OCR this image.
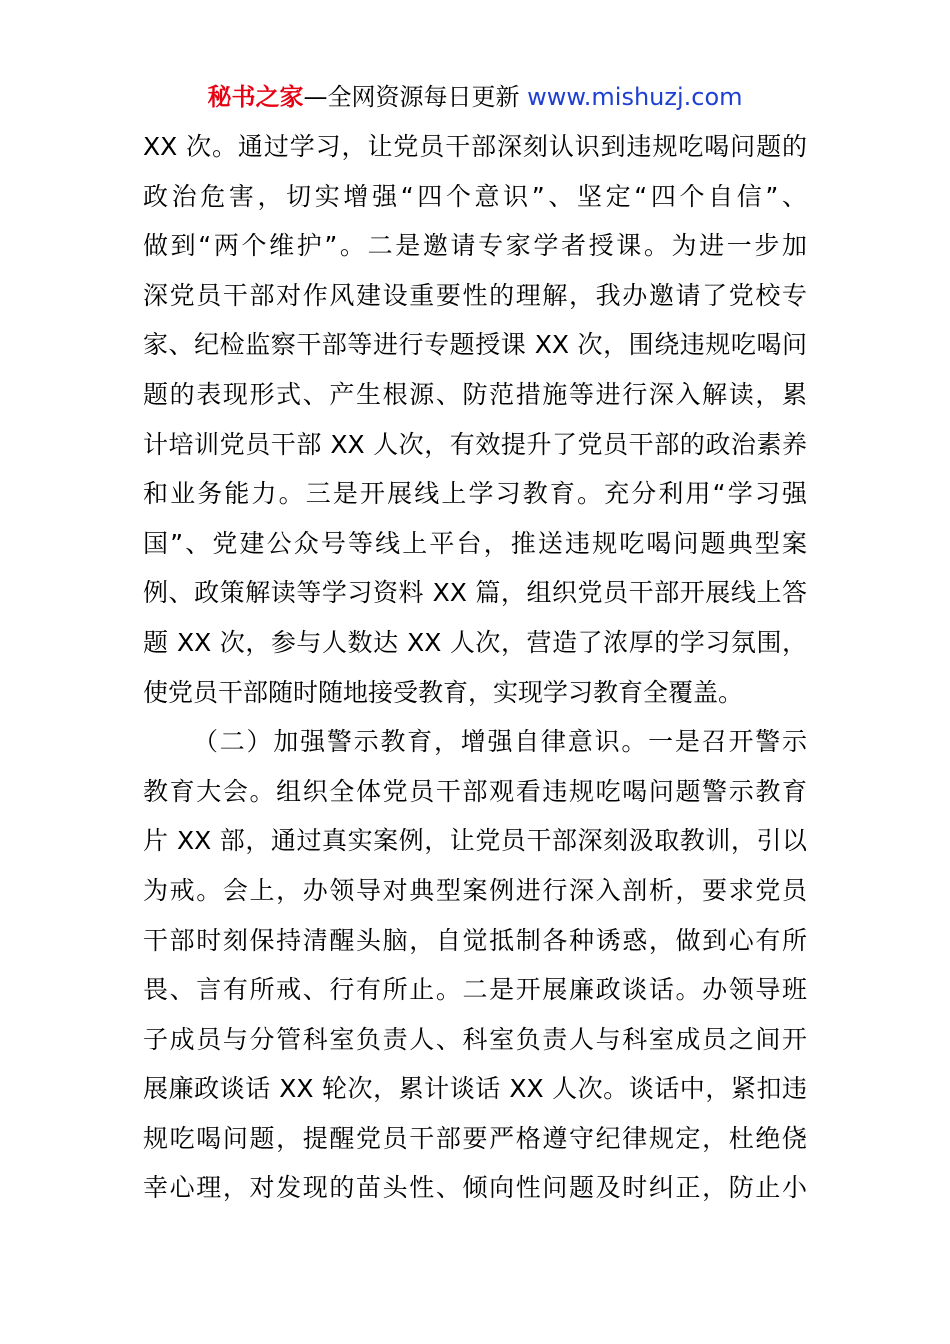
秘书之家—全网资源每日更新 www.mishuzj.com
XX 次。通过学习，让党员干部深刻认识到违规吃喝问题的
政治危害，切实增强“四个意识”、坚定“四个自信”、
做到“两个维护”。二是邀请专家学者授课。为进一步加
深党员干部对作风建设重要性的理解，我办邀请了党校专
家、纪检监察干部等进行专题授课 XX 次，围绕违规吃喝问
题的表现形式、产生根源、防范措施等进行深入解读，累
计培训党员干部 XX 人次，有效提升了党员干部的政治素养
和业务能力。三是开展线上学习教育。充分利用“学习强
国”、党建公众号等线上平台，推送违规吃喝问题典型案
例、政策解读等学习资料 XX 篇，组织党员干部开展线上答
题 XX 次，参与人数达 XX 人次，营造了浓厚的学习氛围，
使党员干部随时随地接受教育，实现学习教育全覆盖。
（二）加强警示教育，增强自律意识。一是召开警示
教育大会。组织全体党员干部观看违规吃喝问题警示教育
片 XX 部，通过真实案例，让党员干部深刻汲取教训，引以
为戒。会上，办领导对典型案例进行深入剖析，要求党员
干部时刻保持清醒头脑，自觉抵制各种诱惑，做到心有所
畏、言有所戒、行有所止。二是开展廉政谈话。办领导班
子成员与分管科室负责人、科室负责人与科室成员之间开
展廉政谈话 XX 轮次，累计谈话 XX 人次。谈话中，紧扣违
规吃喝问题，提醒党员干部要严格遵守纪律规定，杜绝侥
幸心理，对发现的苗头性、倾向性问题及时纠正，防止小
